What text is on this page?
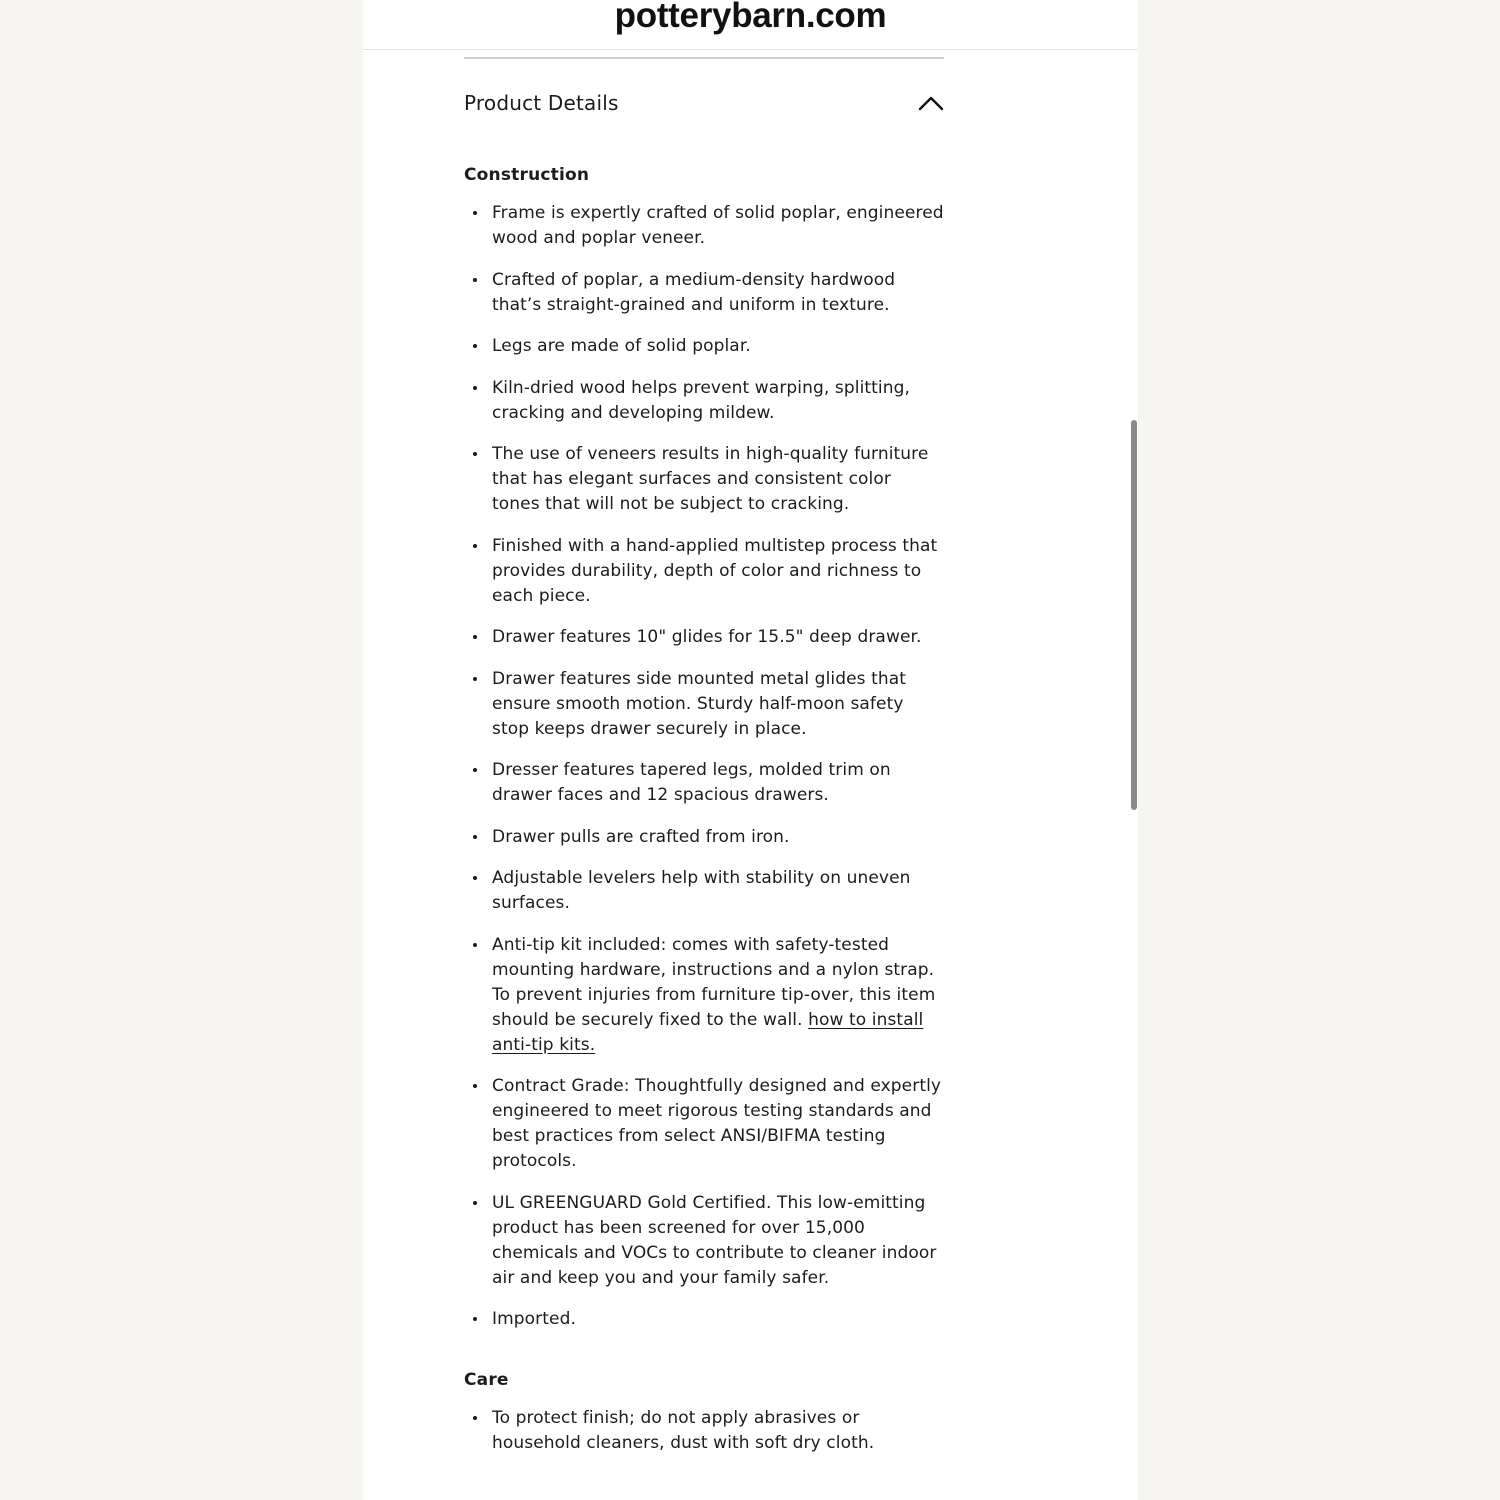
potterybarn.com
Product Details
Construction
Frame is expertly crafted of solid poplar, engineered wood and poplar veneer.
Crafted of poplar, a medium-density hardwood that’s straight-grained and uniform in texture.
Legs are made of solid poplar.
Kiln-dried wood helps prevent warping, splitting, cracking and developing mildew.
The use of veneers results in high-quality furniture that has elegant surfaces and consistent color tones that will not be subject to cracking.
Finished with a hand-applied multistep process that provides durability, depth of color and richness to each piece.
Drawer features 10" glides for 15.5" deep drawer.
Drawer features side mounted metal glides that ensure smooth motion. Sturdy half-moon safety stop keeps drawer securely in place.
Dresser features tapered legs, molded trim on drawer faces and 12 spacious drawers.
Drawer pulls are crafted from iron.
Adjustable levelers help with stability on uneven surfaces.
Anti-tip kit included: comes with safety-tested mounting hardware, instructions and a nylon strap. To prevent injuries from furniture tip-over, this item should be securely fixed to the wall. how to install anti-tip kits.
Contract Grade: Thoughtfully designed and expertly engineered to meet rigorous testing standards and best practices from select ANSI/BIFMA testing protocols.
UL GREENGUARD Gold Certified. This low-emitting product has been screened for over 15,000 chemicals and VOCs to contribute to cleaner indoor air and keep you and your family safer.
Imported.
Care
To protect finish; do not apply abrasives or household cleaners, dust with soft dry cloth.
